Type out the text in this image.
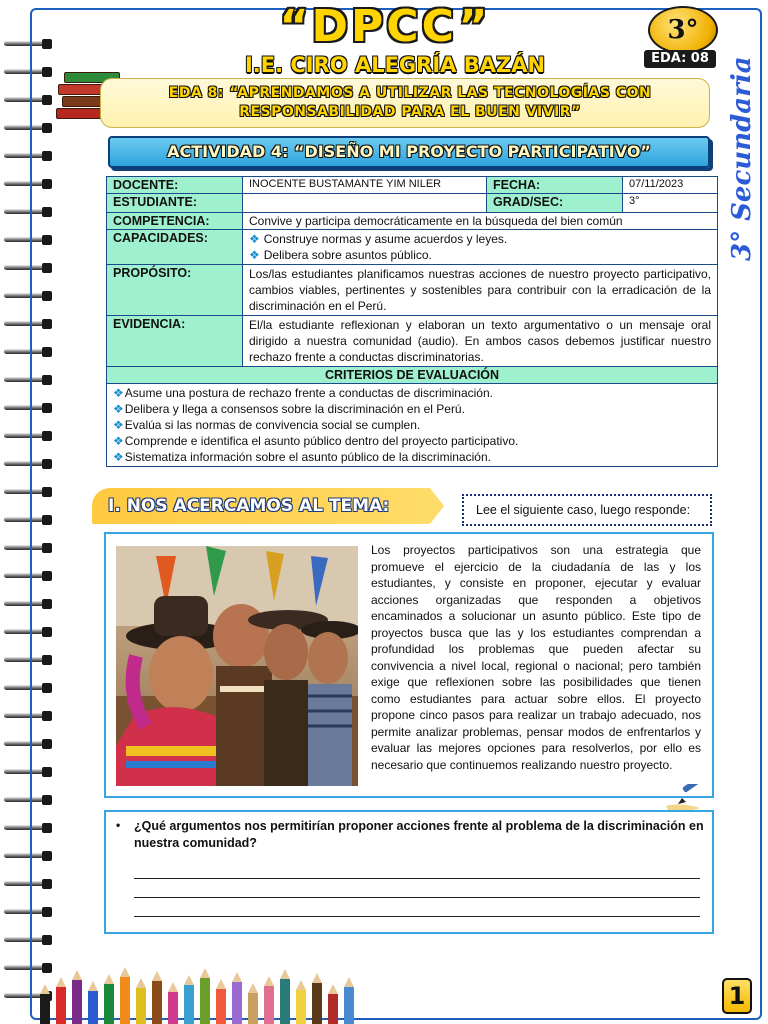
“DPCC”
I.E. CIRO ALEGRÍA BAZÁN
3°
EDA: 08
EDA 8: “APRENDAMOS A UTILIZAR LAS TECNOLOGÍAS CON RESPONSABILIDAD PARA EL BUEN VIVIR”
ACTIVIDAD 4: “DISEÑO MI PROYECTO PARTICIPATIVO”	3° Secundaria
DOCENTE:	INOCENTE BUSTAMANTE YIM NILER	FECHA:	07/11/2023
ESTUDIANTE:		GRAD/SEC:	3°
COMPETENCIA:	Convive y participa democráticamente en la búsqueda del bien común		
CAPACIDADES:	❖ Construye normas y asume acuerdos y leyes.
❖ Delibera sobre asuntos público.		

PROPÓSITO:	Los/las estudiantes planificamos nuestras acciones de nuestro proyecto participativo, cambios viables, pertinentes y sostenibles para contribuir con la erradicación de la discriminación en el Perú.		
EVIDENCIA:	El/la estudiante reflexionan y elaboran un texto argumentativo o un mensaje oral dirigido a nuestra comunidad (audio). En ambos casos debemos justificar nuestro rechazo frente a conductas discriminatorias.		
CRITERIOS DE EVALUACIÓN			

❖Asume una postura de rechazo frente a conductas de discriminación.
❖Delibera y llega a consensos sobre la discriminación en el Perú.
❖Evalúa si las normas de convivencia social se cumplen.
❖Comprende e identifica el asunto público dentro del proyecto participativo.
❖Sistematiza información sobre el asunto público de la discriminación.			
I. NOS ACERCAMOS AL TEMA:	Lee el siguiente caso, luego responde:
Los proyectos participativos son una estrategia que promueve el ejercicio de la ciudadanía de las y los estudiantes, y consiste en proponer, ejecutar y evaluar acciones organizadas que responden a objetivos encaminados a solucionar un asunto público. Este tipo de proyectos busca que las y los estudiantes comprendan a profundidad los problemas que pueden afectar su convivencia a nivel local, regional o nacional; pero también exige que reflexionen sobre las posibilidades que tienen como estudiantes para actuar sobre ellos. El proyecto propone cinco pasos para realizar un trabajo adecuado, nos permite analizar problemas, pensar modos de enfrentarlos y evaluar las mejores opciones para resolverlos, por ello es necesario que continuemos realizando nuestro proyecto.
• ¿Qué argumentos nos permitirían proponer acciones frente al problema de la discriminación en nuestra comunidad?
1
